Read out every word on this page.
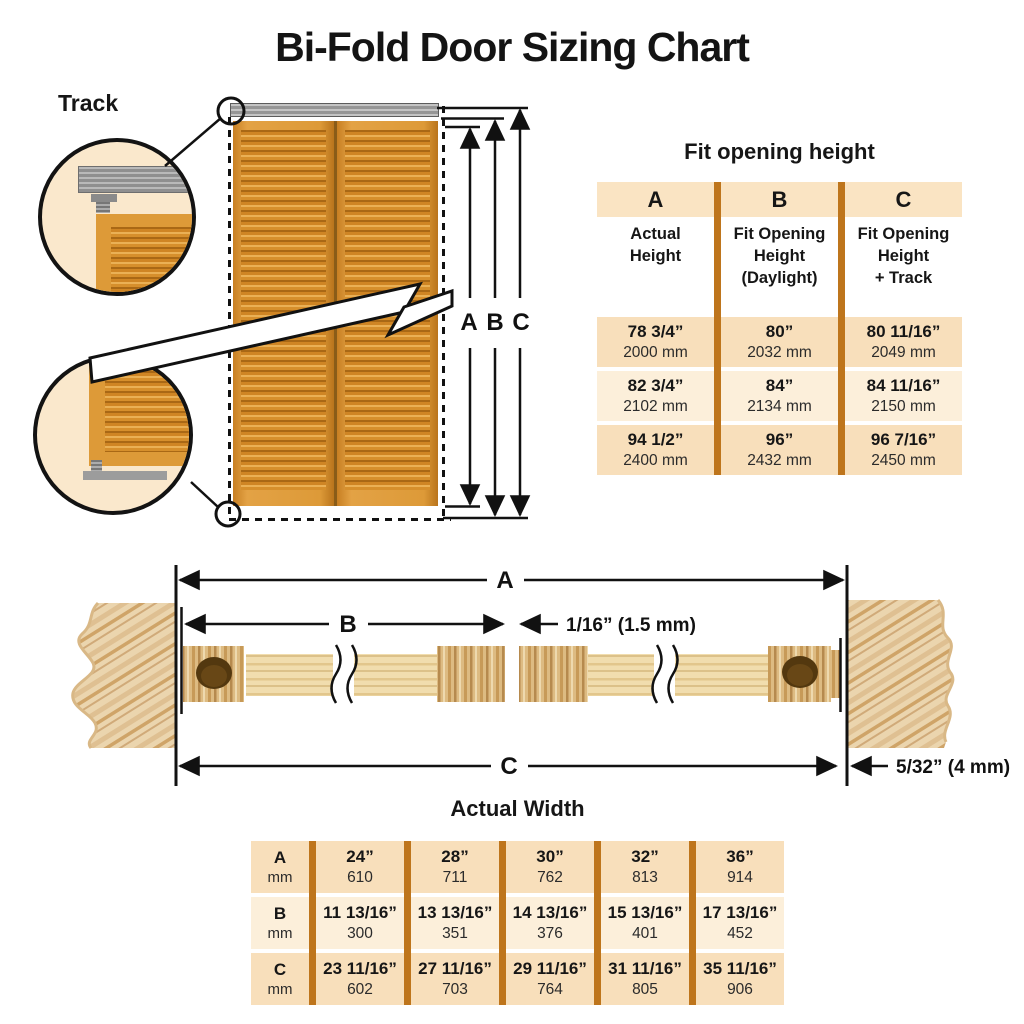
Bi-Fold Door Sizing Chart
Track
Fit opening height
A
Actual
Height
78 3/4”
2000 mm
82 3/4”
2102 mm
94 1/2”
2400 mm
B
Fit Opening
Height
(Daylight)
80”
2032 mm
84”
2134 mm
96”
2432 mm
C
Fit Opening
Height
+ Track
80 11/16”
2049 mm
84 11/16”
2150 mm
96 7/16”
2450 mm
Actual Width
A
mm
B
mm
C
mm
24”
610
11 13/16”
300
23 11/16”
602
28”
711
13 13/16”
351
27 11/16”
703
30”
762
14 13/16”
376
29 11/16”
764
32”
813
15 13/16”
401
31 11/16”
805
36”
914
17 13/16”
452
35 11/16”
906
A B C
A
B
C
1/16” (1.5 mm)
5/32” (4 mm)
